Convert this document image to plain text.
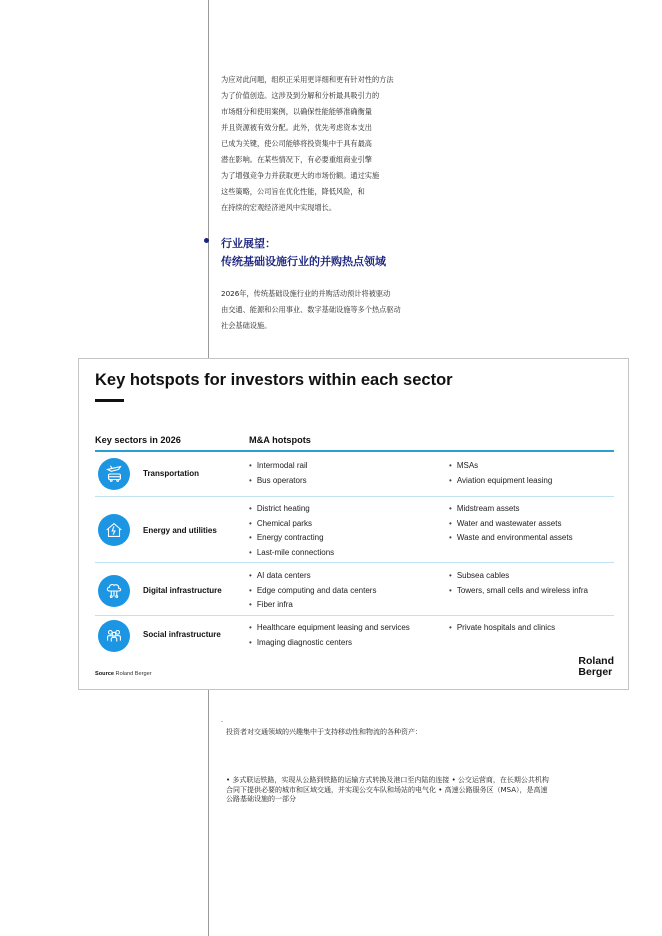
为应对此问题，组织正采用更详细和更有针对性的方法
为了价值创造。这涉及到分解和分析最具吸引力的
市场细分和使用案例，以确保性能能够准确衡量
并且资源被有效分配。此外，优先考虑资本支出
已成为关键，使公司能够将投资集中于具有最高
潜在影响。在某些情况下，有必要重组商业引擎
为了增强竞争力并获取更大的市场份额。通过实施
这些策略，公司旨在优化性能，降低风险，和
在持续的宏观经济逆风中实现增长。
行业展望：
传统基础设施行业的并购热点领域
2026年，传统基础设施行业的并购活动预计将被驱动
由交通、能源和公用事业、数字基础设施等多个热点驱动
社会基础设施。
Key hotspots for investors within each sector
Key sectors in 2026	M&A hotspots
Transportation
• Intermodal rail
• Bus operators
• MSAs
• Aviation equipment leasing
Energy and utilities
• District heating
• Chemical parks
• Energy contracting
• Last-mile connections
• Midstream assets
• Water and wastewater assets
• Waste and environmental assets
Digital infrastructure
• AI data centers
• Edge computing and data centers
• Fiber infra
• Subsea cables
• Towers, small cells and wireless infra
Social infrastructure
• Healthcare equipment leasing and services
• Imaging diagnostic centers
• Private hospitals and clinics
Source Roland Berger
Roland
Berger
-
投资者对交通领域的兴趣集中于支持移动性和物流的各种资产：
• 多式联运铁路，实现从公路到铁路的运输方式转换及港口至内陆的连接 • 公交运营商，在长期公共机构
合同下提供必要的城市和区域交通，并实现公交车队和场站的电气化 • 高速公路服务区（MSA），是高速
公路基础设施的一部分
